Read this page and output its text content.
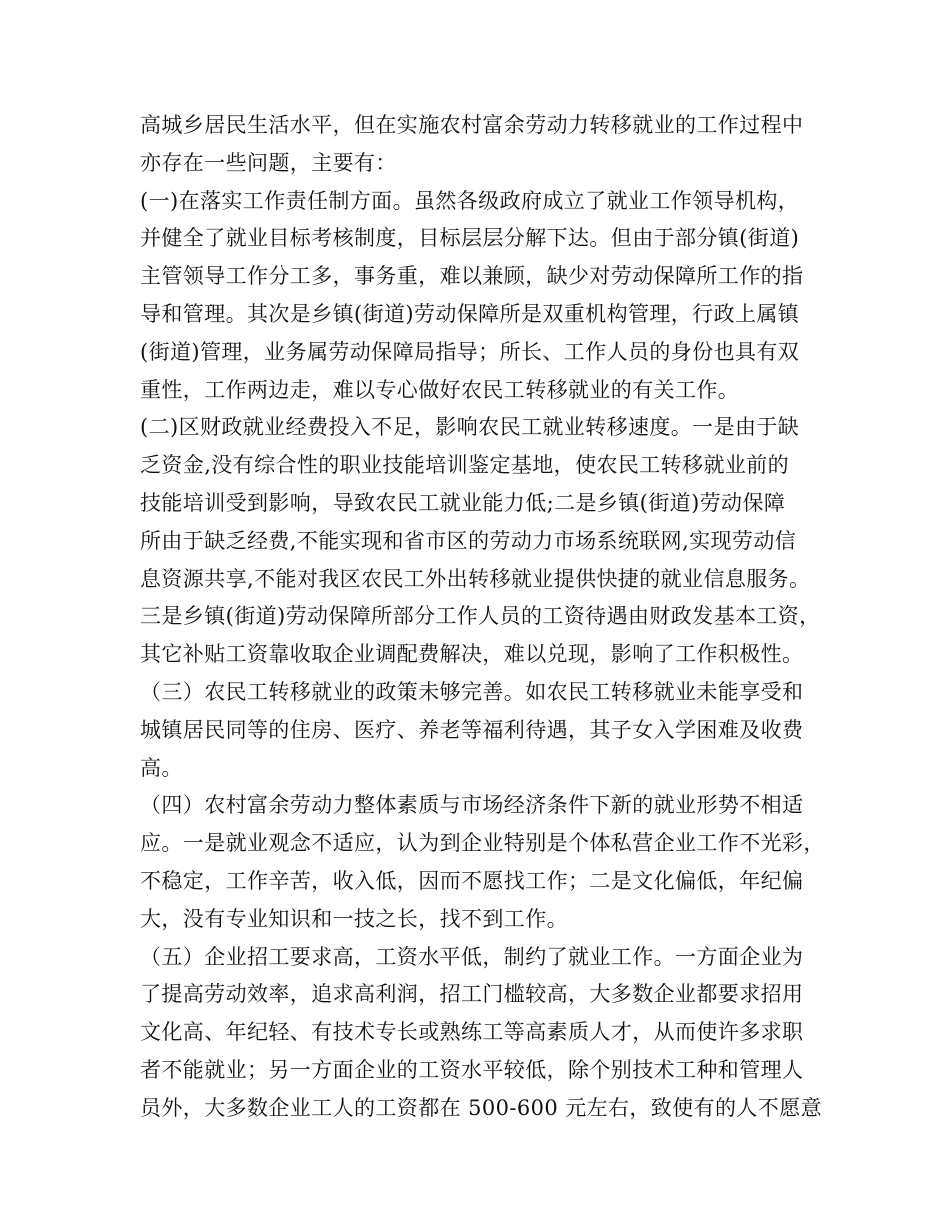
高城乡居民生活水平，但在实施农村富余劳动力转移就业的工作过程中
亦存在一些问题，主要有：
(一)在落实工作责任制方面。虽然各级政府成立了就业工作领导机构，
并健全了就业目标考核制度，目标层层分解下达。但由于部分镇(街道)
主管领导工作分工多，事务重，难以兼顾，缺少对劳动保障所工作的指
导和管理。其次是乡镇(街道)劳动保障所是双重机构管理，行政上属镇
(街道)管理，业务属劳动保障局指导；所长、工作人员的身份也具有双
重性，工作两边走，难以专心做好农民工转移就业的有关工作。
(二)区财政就业经费投入不足，影响农民工就业转移速度。一是由于缺
乏资金,没有综合性的职业技能培训鉴定基地，使农民工转移就业前的
技能培训受到影响，导致农民工就业能力低;二是乡镇(街道)劳动保障
所由于缺乏经费,不能实现和省市区的劳动力市场系统联网,实现劳动信
息资源共享,不能对我区农民工外出转移就业提供快捷的就业信息服务。
三是乡镇(街道)劳动保障所部分工作人员的工资待遇由财政发基本工资，
其它补贴工资靠收取企业调配费解决，难以兑现，影响了工作积极性。
（三）农民工转移就业的政策未够完善。如农民工转移就业未能享受和
城镇居民同等的住房、医疗、养老等福利待遇，其子女入学困难及收费
高。
（四）农村富余劳动力整体素质与市场经济条件下新的就业形势不相适
应。一是就业观念不适应，认为到企业特别是个体私营企业工作不光彩，
不稳定，工作辛苦，收入低，因而不愿找工作；二是文化偏低，年纪偏
大，没有专业知识和一技之长，找不到工作。
（五）企业招工要求高，工资水平低，制约了就业工作。一方面企业为
了提高劳动效率，追求高利润，招工门槛较高，大多数企业都要求招用
文化高、年纪轻、有技术专长或熟练工等高素质人才，从而使许多求职
者不能就业；另一方面企业的工资水平较低，除个别技术工种和管理人
员外，大多数企业工人的工资都在 500-600 元左右，致使有的人不愿意
